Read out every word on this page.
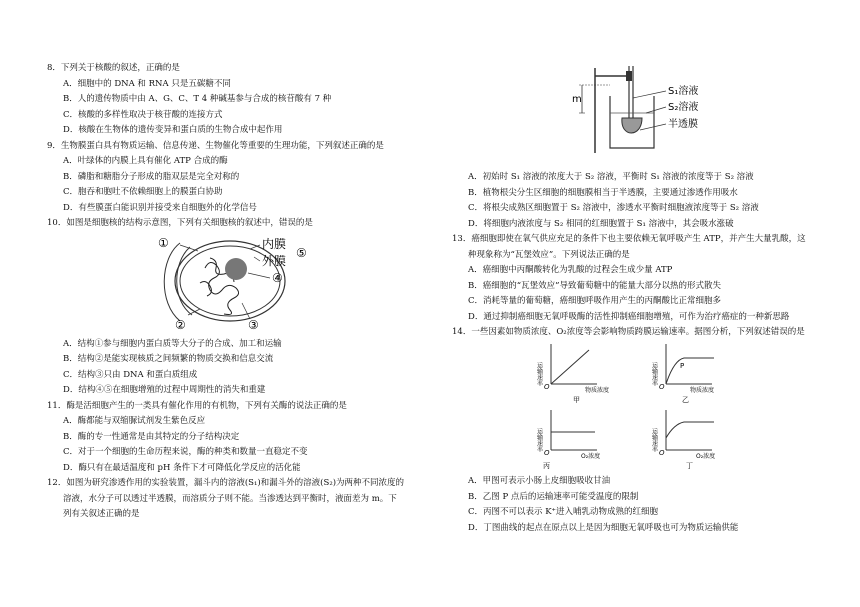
8．下列关于核酸的叙述，正确的是
A．细胞中的 DNA 和 RNA 只是五碳糖不同
B．人的遗传物质中由 A、G、C、T 4 种碱基参与合成的核苷酸有 7 种
C．核酸的多样性取决于核苷酸的连接方式
D．核酸在生物体的遗传变异和蛋白质的生物合成中起作用
9．生物膜蛋白具有物质运输、信息传递、生物催化等重要的生理功能，下列叙述正确的是
A．叶绿体的内膜上具有催化 ATP 合成的酶
B．磷脂和糖脂分子形成的脂双层是完全对称的
C．胞吞和胞吐不依赖细胞上的膜蛋白协助
D．有些膜蛋白能识别并接受来自细胞外的化学信号
10．如图是细胞核的结构示意图，下列有关细胞核的叙述中，错误的是
①
②	③
④
⑤
内膜
外膜
A．结构①参与细胞内蛋白质等大分子的合成、加工和运输
B．结构②是能实现核质之间频繁的物质交换和信息交流
C．结构③只由 DNA 和蛋白质组成
D．结构④⑤在细胞增殖的过程中周期性的消失和重建
11．酶是活细胞产生的一类具有催化作用的有机物，下列有关酶的说法正确的是
A．酶都能与双缩脲试剂发生紫色反应
B．酶的专一性通常是由其特定的分子结构决定
C．对于一个细胞的生命历程来说，酶的种类和数量一直稳定不变
D．酶只有在最适温度和 pH 条件下才可降低化学反应的活化能
12．如图为研究渗透作用的实验装置，漏斗内的溶液(S₁)和漏斗外的溶液(S₂)为两种不同浓度的
溶液，水分子可以透过半透膜，而溶质分子则不能。当渗透达到平衡时，液面差为 m。下
列有关叙述正确的是
m
S₁溶液
S₂溶液
半透膜
A．初始时 S₁ 溶液的浓度大于 S₂ 溶液，平衡时 S₁ 溶液的浓度等于 S₂ 溶液
B．植物根尖分生区细胞的细胞膜相当于半透膜，主要通过渗透作用吸水
C．将根尖成熟区细胞置于 S₂ 溶液中，渗透水平衡时细胞液浓度等于 S₂ 溶液
D．将细胞内液浓度与 S₂ 相同的红细胞置于 S₁ 溶液中，其会吸水涨破
13．癌细胞即使在氧气供应充足的条件下也主要依赖无氧呼吸产生 ATP，并产生大量乳酸，这
种现象称为“瓦堡效应”。下列说法正确的是
A．癌细胞中丙酮酸转化为乳酸的过程会生成少量 ATP
B．癌细胞的“瓦堡效应”导致葡萄糖中的能量大部分以热的形式散失
C．消耗等量的葡萄糖，癌细胞呼吸作用产生的丙酮酸比正常细胞多
D．通过抑制癌细胞无氧呼吸酶的活性抑制癌细胞增殖，可作为治疗癌症的一种新思路
14．一些因素如物质浓度、O₂浓度等会影响物质跨膜运输速率。据图分析，下列叙述错误的是
运输速率
O	物质浓度
甲
P
运输速率
O	物质浓度
乙
运输速率
O	O₂浓度
丙
运输速率
O	O₂浓度
丁
A．甲图可表示小肠上皮细胞吸收甘油
B．乙图 P 点后的运输速率可能受温度的限制
C．丙图不可以表示 K⁺进入哺乳动物成熟的红细胞
D．丁图曲线的起点在原点以上是因为细胞无氧呼吸也可为物质运输供能
